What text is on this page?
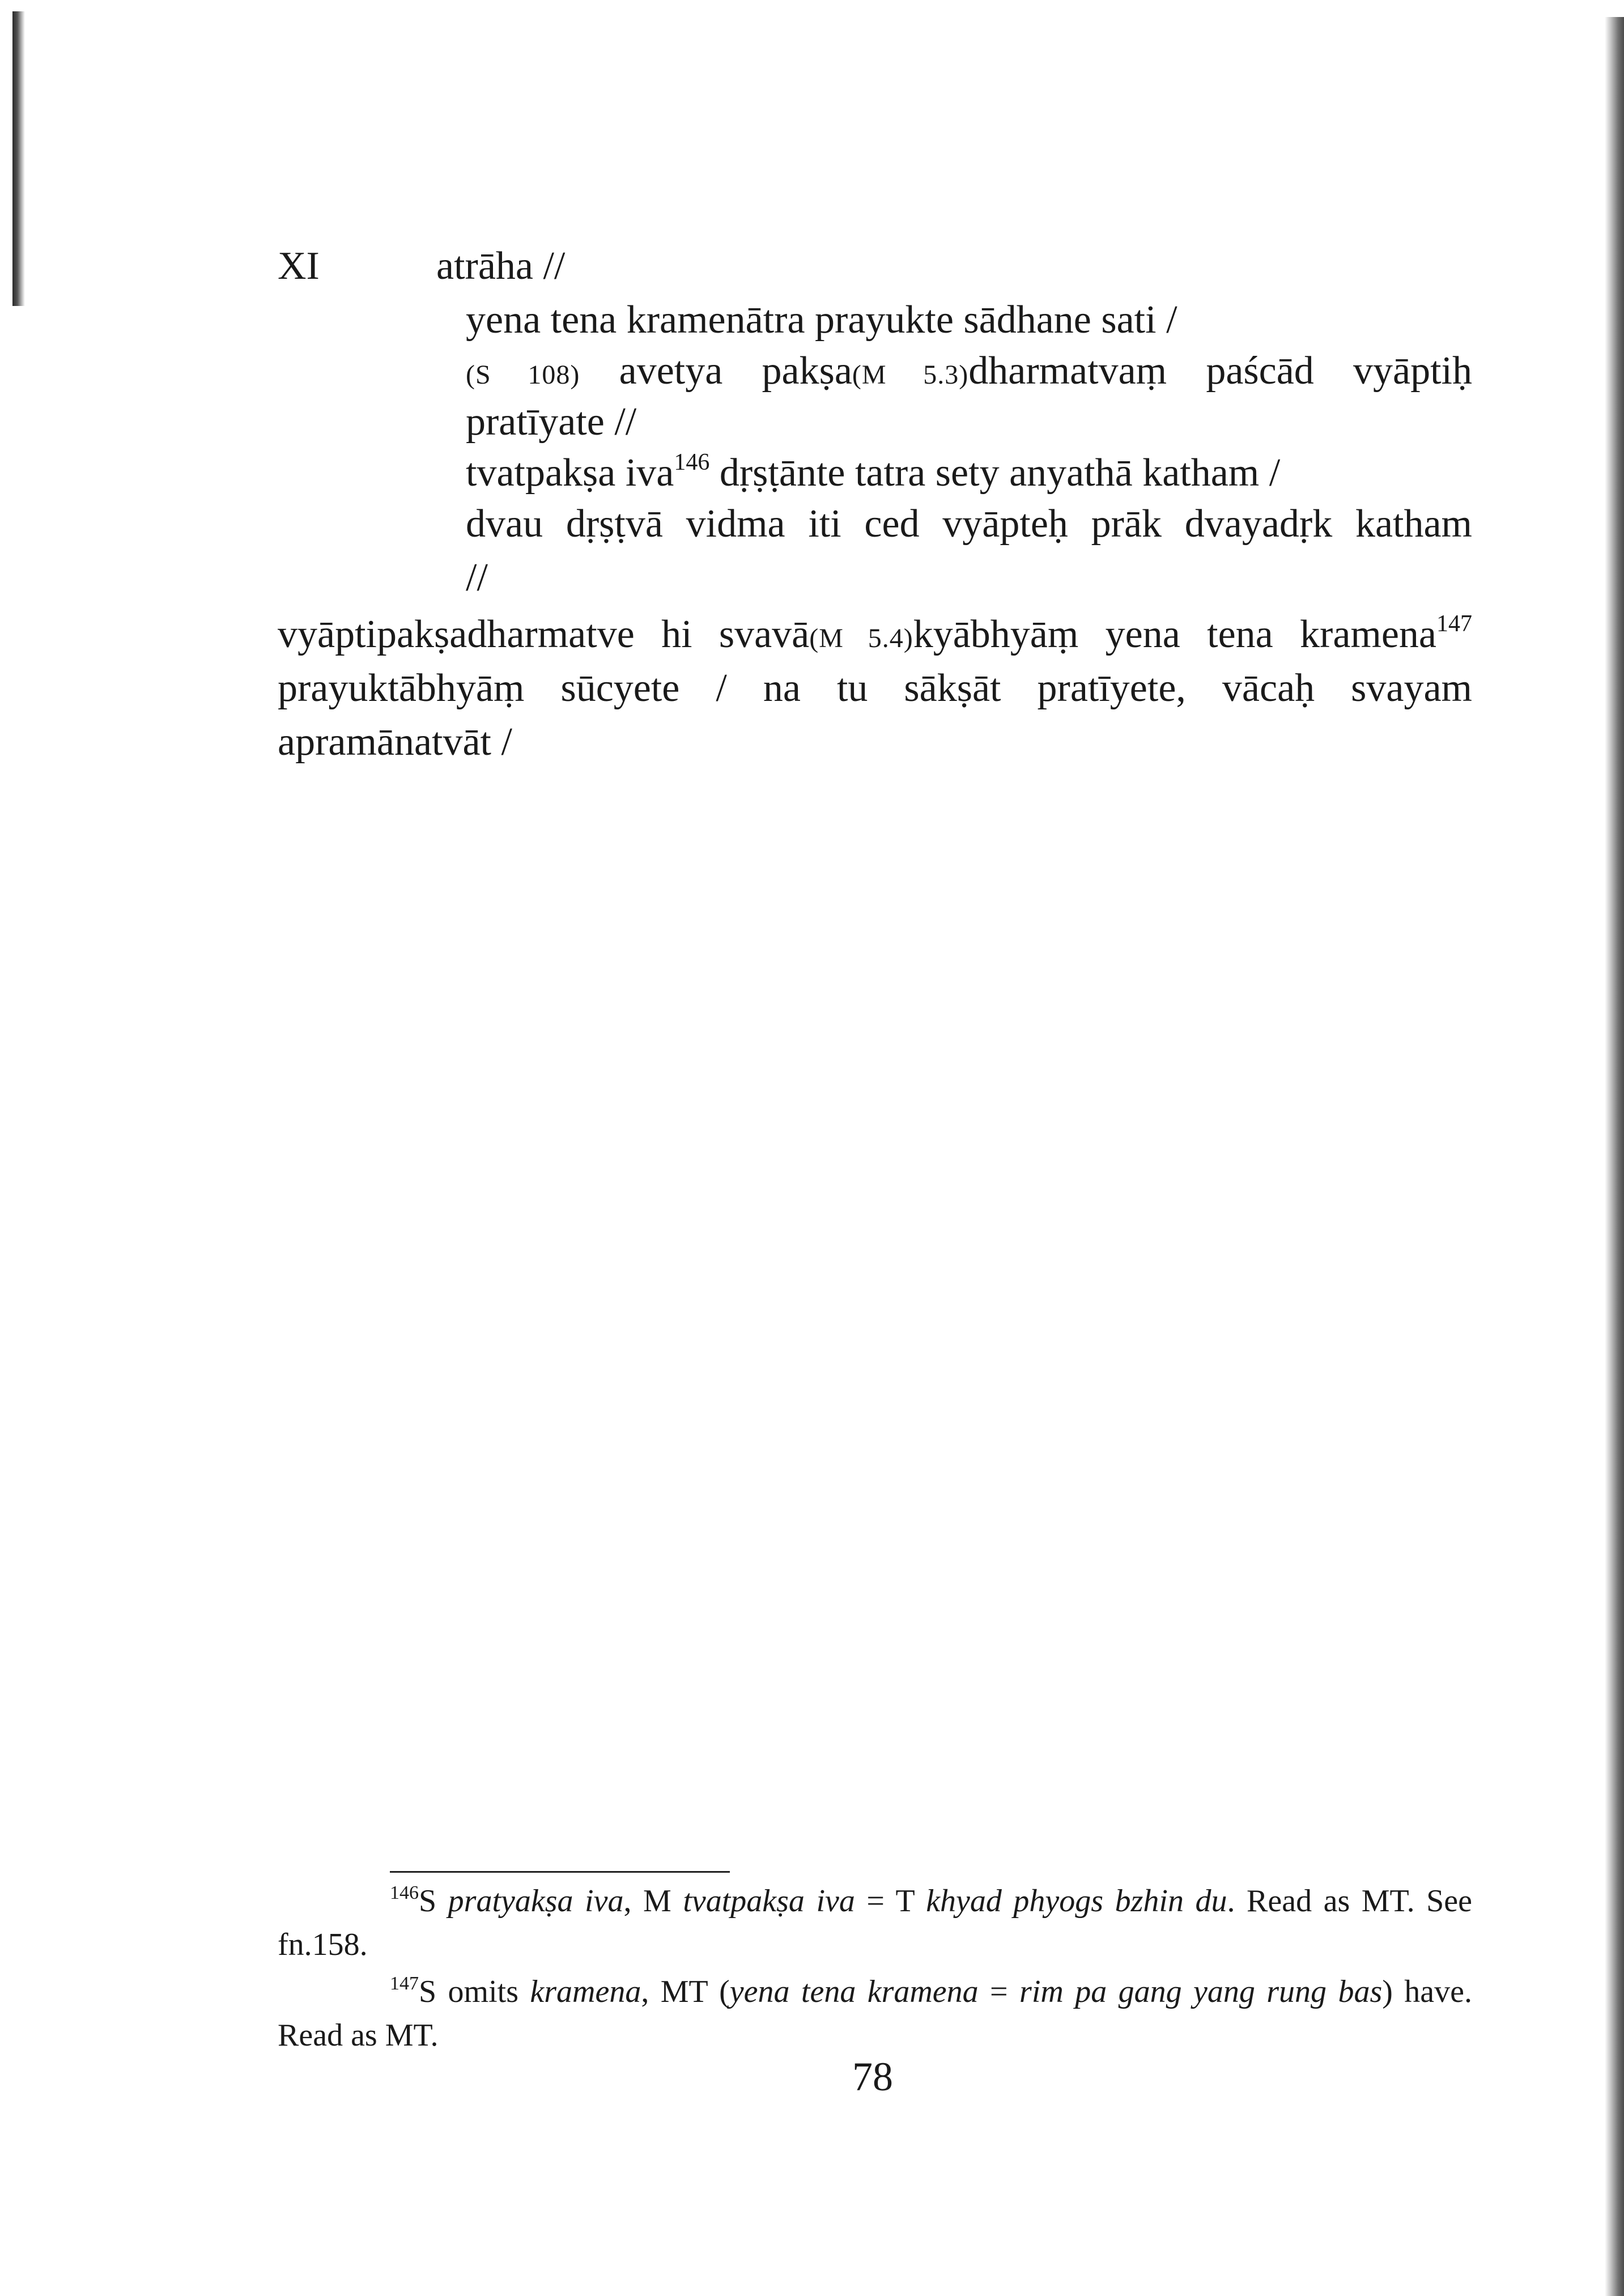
XI	atrāha //
yena tena kramenātra prayukte sādhane sati /
(S 108) avetya pakṣa(M 5.3)dharmatvaṃ paścād vyāptiḥ
pratīyate //
tvatpakṣa iva$^{146}$ dṛṣṭānte tatra sety anyathā katham /
dvau dṛṣṭvā vidma iti ced vyāpteḥ prāk dvayadṛk katham
//
vyāptipakṣadharmatve hi svavā(M 5.4)kyābhyāṃ yena tena kramena$^{147}$
prayuktābhyāṃ sūcyete / na tu sākṣāt pratīyete, vācaḥ svayam
apramānatvāt /
$^{146}$S pratyakṣa iva, M tvatpakṣa iva = T khyad phyogs bzhin du. Read as MT. See
fn.158.
$^{147}$S omits kramena, MT (yena tena kramena = rim pa gang yang rung bas) have.
Read as MT.
78
